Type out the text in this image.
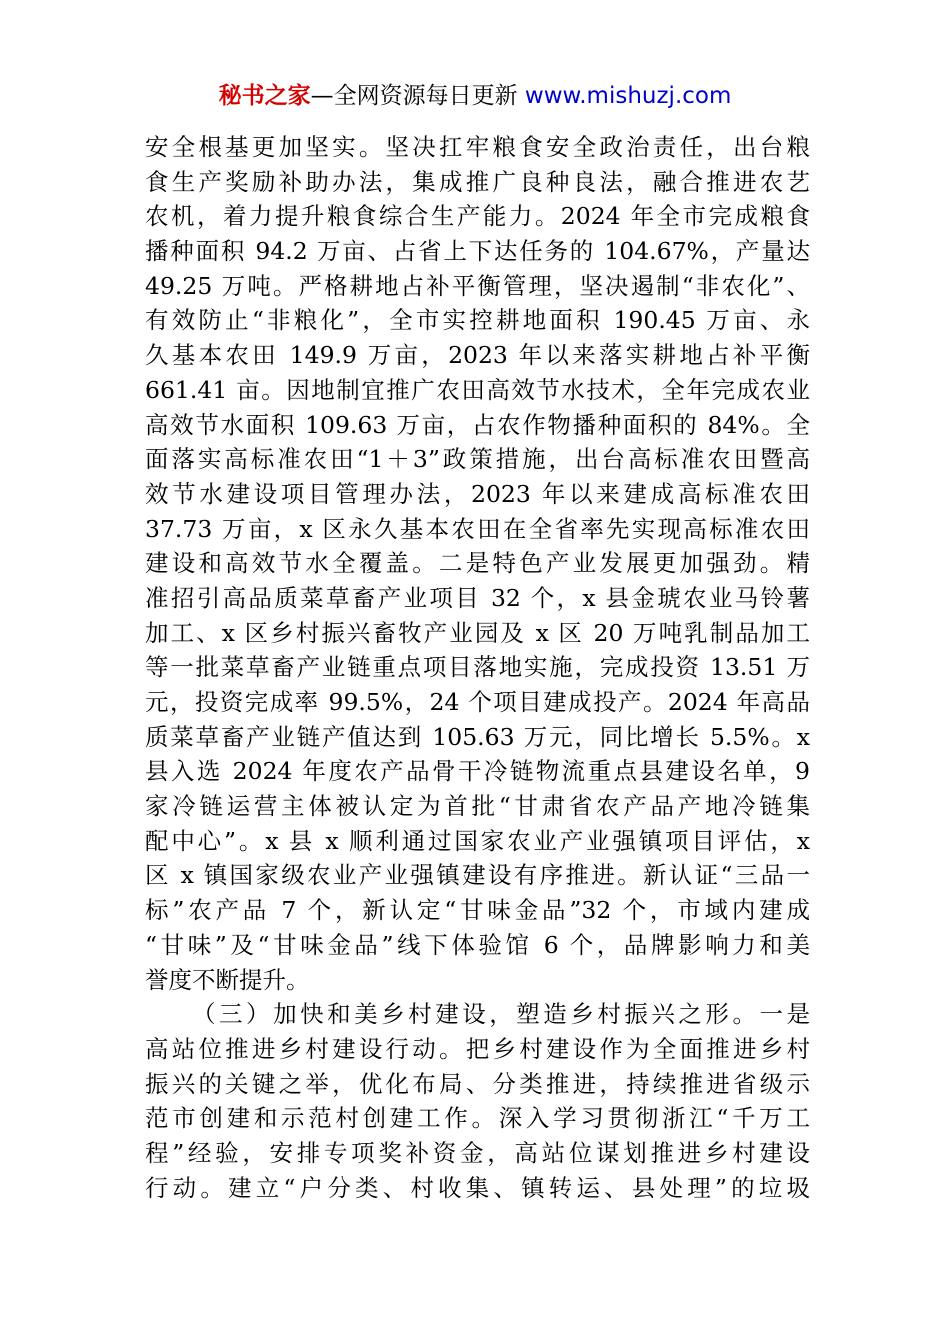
秘书之家—全网资源每日更新 www.mishuzj.com
安全根基更加坚实。坚决扛牢粮食安全政治责任，出台粮
食生产奖励补助办法，集成推广良种良法，融合推进农艺
农机，着力提升粮食综合生产能力。2024 年全市完成粮食
播种面积 94.2 万亩、占省上下达任务的 104.67%，产量达
49.25 万吨。严格耕地占补平衡管理，坚决遏制“非农化”、
有效防止“非粮化”，全市实控耕地面积 190.45 万亩、永
久基本农田 149.9 万亩，2023 年以来落实耕地占补平衡
661.41 亩。因地制宜推广农田高效节水技术，全年完成农业
高效节水面积 109.63 万亩，占农作物播种面积的 84%。全
面落实高标准农田“1＋3”政策措施，出台高标准农田暨高
效节水建设项目管理办法，2023 年以来建成高标准农田
37.73 万亩，x 区永久基本农田在全省率先实现高标准农田
建设和高效节水全覆盖。二是特色产业发展更加强劲。精
准招引高品质菜草畜产业项目 32 个，x 县金琥农业马铃薯
加工、x 区乡村振兴畜牧产业园及 x 区 20 万吨乳制品加工
等一批菜草畜产业链重点项目落地实施，完成投资 13.51 万
元，投资完成率 99.5%，24 个项目建成投产。2024 年高品
质菜草畜产业链产值达到 105.63 万元，同比增长 5.5%。x
县入选 2024 年度农产品骨干冷链物流重点县建设名单，9
家冷链运营主体被认定为首批“甘肃省农产品产地冷链集
配中心”。x 县 x 顺利通过国家农业产业强镇项目评估，x
区 x 镇国家级农业产业强镇建设有序推进。新认证“三品一
标”农产品 7 个，新认定“甘味金品”32 个，市域内建成
“甘味”及“甘味金品”线下体验馆 6 个，品牌影响力和美
誉度不断提升。
（三）加快和美乡村建设，塑造乡村振兴之形。一是
高站位推进乡村建设行动。把乡村建设作为全面推进乡村
振兴的关键之举，优化布局、分类推进，持续推进省级示
范市创建和示范村创建工作。深入学习贯彻浙江“千万工
程”经验，安排专项奖补资金，高站位谋划推进乡村建设
行动。建立“户分类、村收集、镇转运、县处理”的垃圾
